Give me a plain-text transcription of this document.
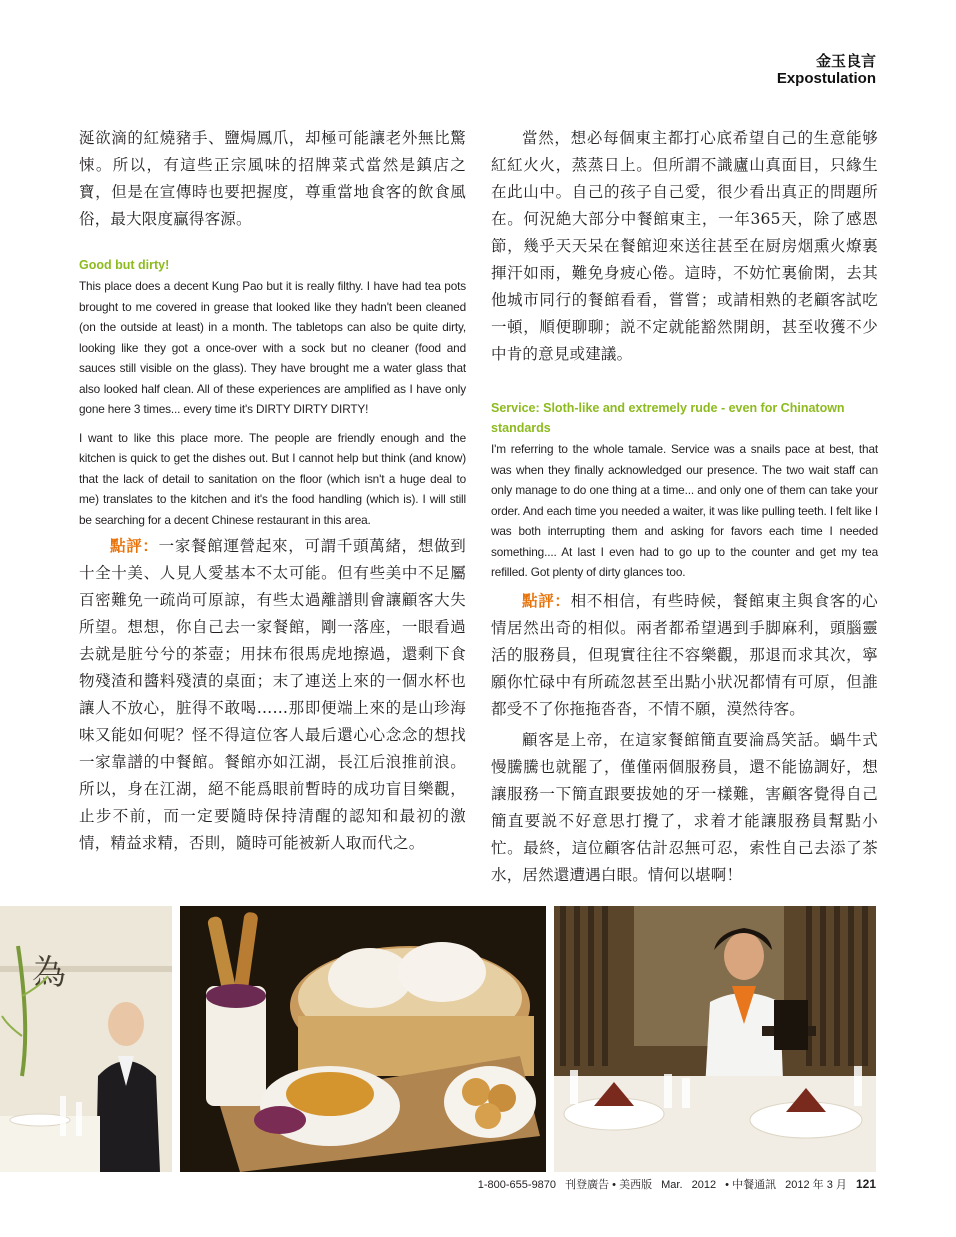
金玉良言
Expostulation

涎欲滴的紅燒豬手、鹽焗鳳爪，却極可能讓老外無比驚悚。所以，有這些正宗風味的招牌菜式當然是鎮店之寶，但是在宣傳時也要把握度，尊重當地食客的飲食風俗，最大限度贏得客源。

Good but dirty!

This place does a decent Kung Pao but it is really filthy. I have had tea pots brought to me covered in grease that looked like they hadn't been cleaned (on the outside at least) in a month. The tabletops can also be quite dirty, looking like they got a once-over with a sock but no cleaner (food and sauces still visible on the glass). They have brought me a water glass that also looked half clean. All of these experiences are amplified as I have only gone here 3 times... every time it's DIRTY DIRTY DIRTY!

I want to like this place more. The people are friendly enough and the kitchen is quick to get the dishes out. But I cannot help but think (and know) that the lack of detail to sanitation on the floor (which isn't a huge deal to me) translates to the kitchen and it's the food handling (which is). I will still be searching for a decent Chinese restaurant in this area.

點評：一家餐館運營起來，可謂千頭萬緒，想做到十全十美、人見人愛基本不太可能。但有些美中不足屬百密難免一疏尚可原諒，有些太過離譜則會讓顧客大失所望。想想，你自己去一家餐館，剛一落座，一眼看過去就是脏兮兮的茶壺；用抹布很馬虎地擦過，還剩下食物殘渣和醬料殘漬的桌面；末了連送上來的一個水杯也讓人不放心，脏得不敢喝……那即便端上來的是山珍海味又能如何呢？怪不得這位客人最后還心心念念的想找一家靠譜的中餐館。餐館亦如江湖，長江后浪推前浪。所以，身在江湖，絕不能爲眼前暫時的成功盲目樂觀，止步不前，而一定要隨時保持清醒的認知和最初的激情，精益求精，否則，隨時可能被新人取而代之。

當然，想必每個東主都打心底希望自己的生意能够紅紅火火，蒸蒸日上。但所謂不識廬山真面目，只緣生在此山中。自己的孩子自己愛，很少看出真正的問題所在。何況絶大部分中餐館東主，一年365天，除了感恩節，幾乎天天呆在餐館迎來送往甚至在厨房烟熏火燎裏揮汗如雨，難免身疲心倦。這時，不妨忙裏偷閑，去其他城市同行的餐館看看，嘗嘗；或請相熟的老顧客試吃一頓，順便聊聊；説不定就能豁然開朗，甚至收獲不少中肯的意見或建議。

Service: Sloth-like and extremely rude - even for Chinatown standards

I'm referring to the whole tamale. Service was a snails pace at best, that was when they finally acknowledged our presence. The two wait staff can only manage to do one thing at a time... and only one of them can take your order. And each time you needed a waiter, it was like pulling teeth. I felt like I was both interrupting them and asking for favors each time I needed something.... At last I even had to go up to the counter and get my tea refilled. Got plenty of dirty glances too.

點評：相不相信，有些時候，餐館東主與食客的心情居然出奇的相似。兩者都希望遇到手脚麻利，頭腦靈活的服務員，但現實往往不容樂觀，那退而求其次，寧願你忙碌中有所疏忽甚至出點小狀况都情有可原，但誰都受不了你拖拖沓沓，不情不願，漠然待客。

顧客是上帝，在這家餐館簡直要淪爲笑話。蝸牛式慢騰騰也就罷了，僅僅兩個服務員，還不能協調好，想讓服務一下簡直跟要拔她的牙一樣難，害顧客覺得自己簡直要説不好意思打攪了，求着才能讓服務員幫點小忙。最終，這位顧客估計忍無可忍，索性自己去添了茶水，居然還遭遇白眼。情何以堪啊！

為
1-800-655-9870 刊登廣告 • 美西版 Mar. 2012 • 中餐通訊 2012 年 3 月 121
